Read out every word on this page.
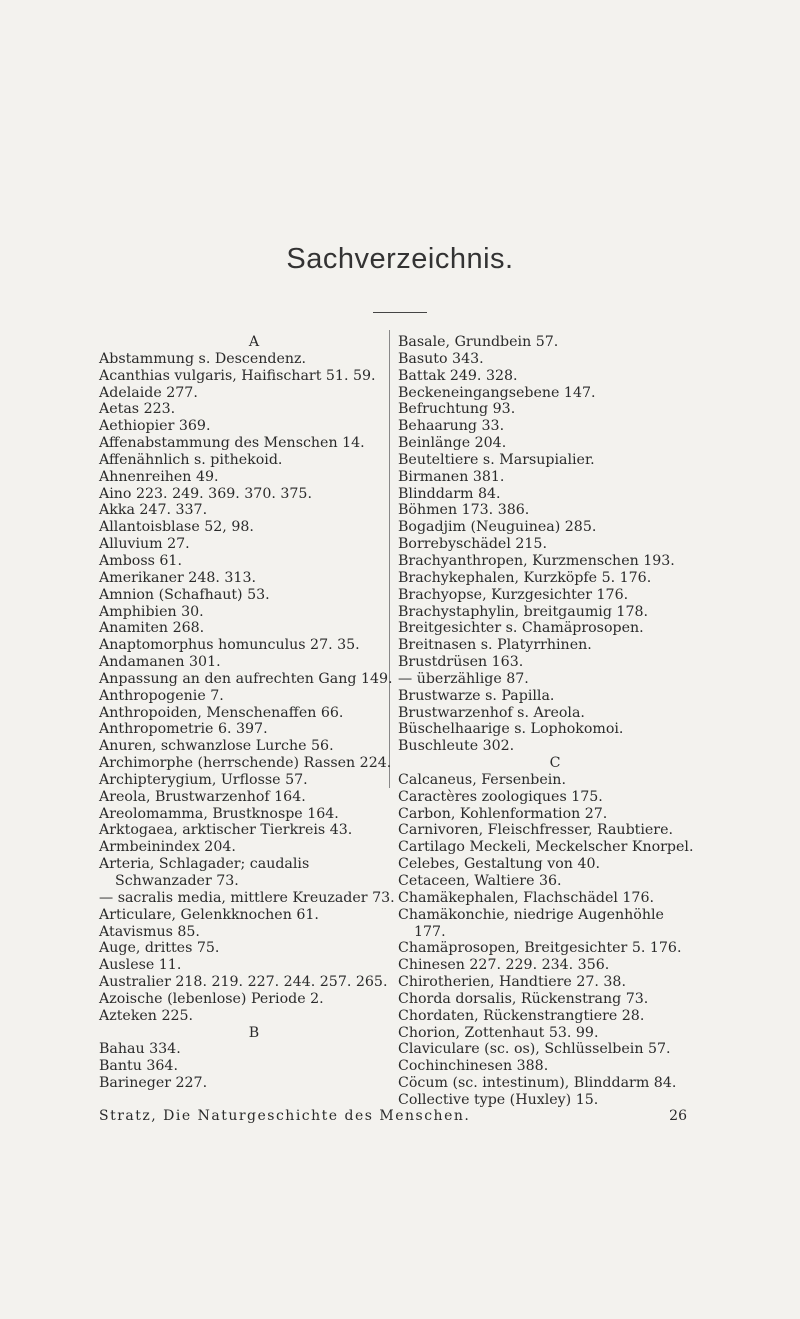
Sachverzeichnis.
A
Abstammung s. Descendenz.
Acanthias vulgaris, Haifischart 51. 59.
Adelaide 277.
Aetas 223.
Aethiopier 369.
Affenabstammung des Menschen 14.
Affenähnlich s. pithekoid.
Ahnenreihen 49.
Aino 223. 249. 369. 370. 375.
Akka 247. 337.
Allantoisblase 52, 98.
Alluvium 27.
Amboss 61.
Amerikaner 248. 313.
Amnion (Schafhaut) 53.
Amphibien 30.
Anamiten 268.
Anaptomorphus homunculus 27. 35.
Andamanen 301.
Anpassung an den aufrechten Gang 149.
Anthropogenie 7.
Anthropoiden, Menschenaffen 66.
Anthropometrie 6. 397.
Anuren, schwanzlose Lurche 56.
Archimorphe (herrschende) Rassen 224.
Archipterygium, Urflosse 57.
Areola, Brustwarzenhof 164.
Areolomamma, Brustknospe 164.
Arktogaea, arktischer Tierkreis 43.
Armbeinindex 204.
Arteria, Schlagader; caudalis Schwanzader 73.
— sacralis media, mittlere Kreuzader 73.
Articulare, Gelenkknochen 61.
Atavismus 85.
Auge, drittes 75.
Auslese 11.
Australier 218. 219. 227. 244. 257. 265.
Azoische (lebenlose) Periode 2.
Azteken 225.
B
Bahau 334.
Bantu 364.
Barineger 227.
Basale, Grundbein 57.
Basuto 343.
Battak 249. 328.
Beckeneingangsebene 147.
Befruchtung 93.
Behaarung 33.
Beinlänge 204.
Beuteltiere s. Marsupialier.
Birmanen 381.
Blinddarm 84.
Böhmen 173. 386.
Bogadjim (Neuguinea) 285.
Borrebyschädel 215.
Brachyanthropen, Kurzmenschen 193.
Brachykephalen, Kurzköpfe 5. 176.
Brachyopse, Kurzgesichter 176.
Brachystaphylin, breitgaumig 178.
Breitgesichter s. Chamäprosopen.
Breitnasen s. Platyrrhinen.
Brustdrüsen 163.
— überzählige 87.
Brustwarze s. Papilla.
Brustwarzenhof s. Areola.
Büschelhaarige s. Lophokomoi.
Buschleute 302.
C
Calcaneus, Fersenbein.
Caractères zoologiques 175.
Carbon, Kohlenformation 27.
Carnivoren, Fleischfresser, Raubtiere.
Cartilago Meckeli, Meckelscher Knorpel.
Celebes, Gestaltung von 40.
Cetaceen, Waltiere 36.
Chamäkephalen, Flachschädel 176.
Chamäkonchie, niedrige Augenhöhle 177.
Chamäprosopen, Breitgesichter 5. 176.
Chinesen 227. 229. 234. 356.
Chirotherien, Handtiere 27. 38.
Chorda dorsalis, Rückenstrang 73.
Chordaten, Rückenstrangtiere 28.
Chorion, Zottenhaut 53. 99.
Claviculare (sc. os), Schlüsselbein 57.
Cochinchinesen 388.
Cöcum (sc. intestinum), Blinddarm 84.
Collective type (Huxley) 15.
Stratz, Die Naturgeschichte des Menschen.	26
